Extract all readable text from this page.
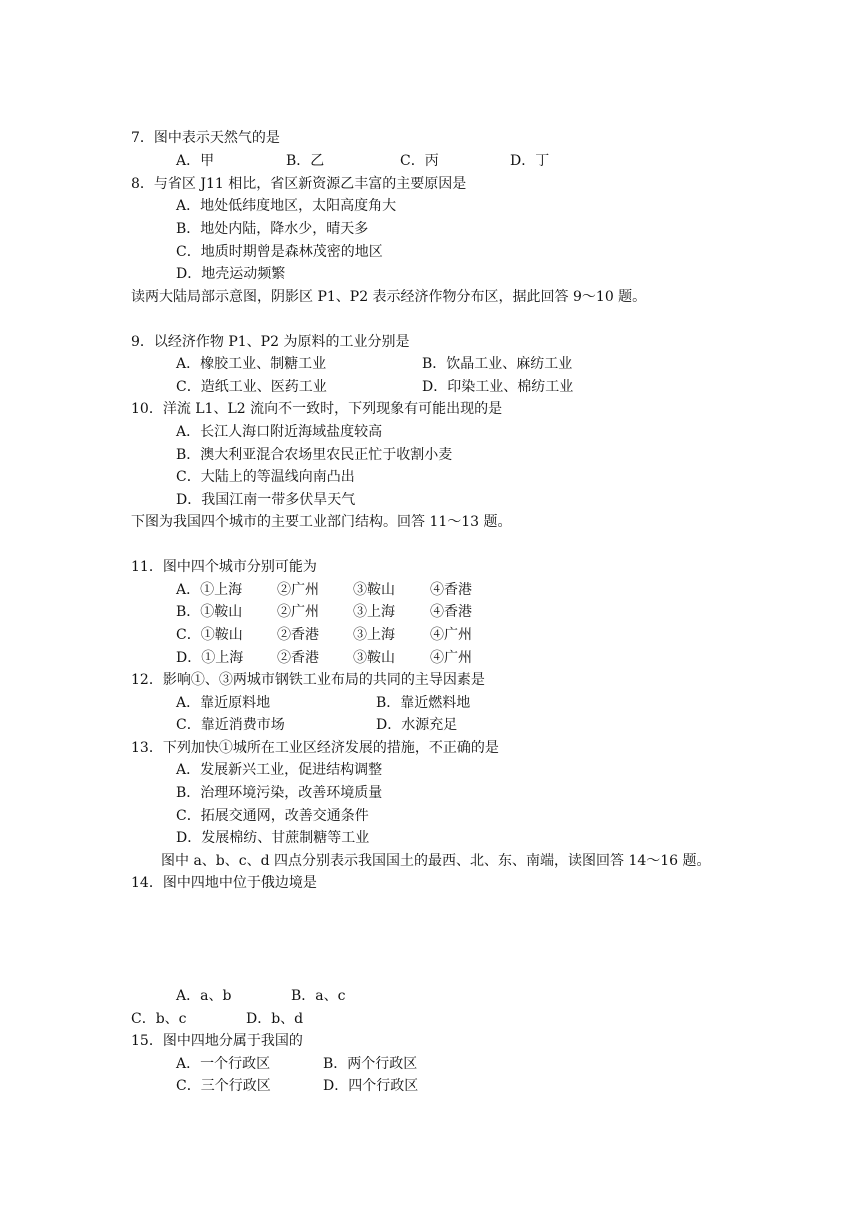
7．图中表示天然气的是
A．甲	B．乙	C．丙	D．丁
8．与省区 J11 相比，省区新资源乙丰富的主要原因是
A．地处低纬度地区，太阳高度角大
B．地处内陆，降水少，晴天多
C．地质时期曾是森林茂密的地区
D．地壳运动频繁
读两大陆局部示意图，阴影区 P1、P2 表示经济作物分布区，据此回答 9～10 题。
9．以经济作物 P1、P2 为原料的工业分别是
A．橡胶工业、制糖工业	B．饮晶工业、麻纺工业
C．造纸工业、医药工业	D．印染工业、棉纺工业
10．洋流 L1、L2 流向不一致时，下列现象有可能出现的是
A．长江人海口附近海域盐度较高
B．澳大利亚混合农场里农民正忙于收割小麦
C．大陆上的等温线向南凸出
D．我国江南一带多伏旱天气
下图为我国四个城市的主要工业部门结构。回答 11～13 题。
11．图中四个城市分别可能为
A．①上海 ②广州 ③鞍山	④香港
B．①鞍山 ②广州 ③上海	④香港
C．①鞍山 ②香港 ③上海	④广州
D．①上海 ②香港 ③鞍山	④广州
12．影响①、③两城市钢铁工业布局的共同的主导因素是
A．靠近原料地	B．靠近燃料地
C．靠近消费市场	D．水源充足
13．下列加快①城所在工业区经济发展的措施，不正确的是
A．发展新兴工业，促进结构调整
B．治理环境污染，改善环境质量
C．拓展交通网，改善交通条件
D．发展棉纺、甘蔗制糖等工业
图中 a、b、c、d 四点分别表示我国国土的最西、北、东、南端，读图回答 14～16 题。
14．图中四地中位于俄边境是
A．a、b	B．a、c
C．b、c	D．b、d
15．图中四地分属于我国的
A．一个行政区	B．两个行政区
C．三个行政区	D．四个行政区
